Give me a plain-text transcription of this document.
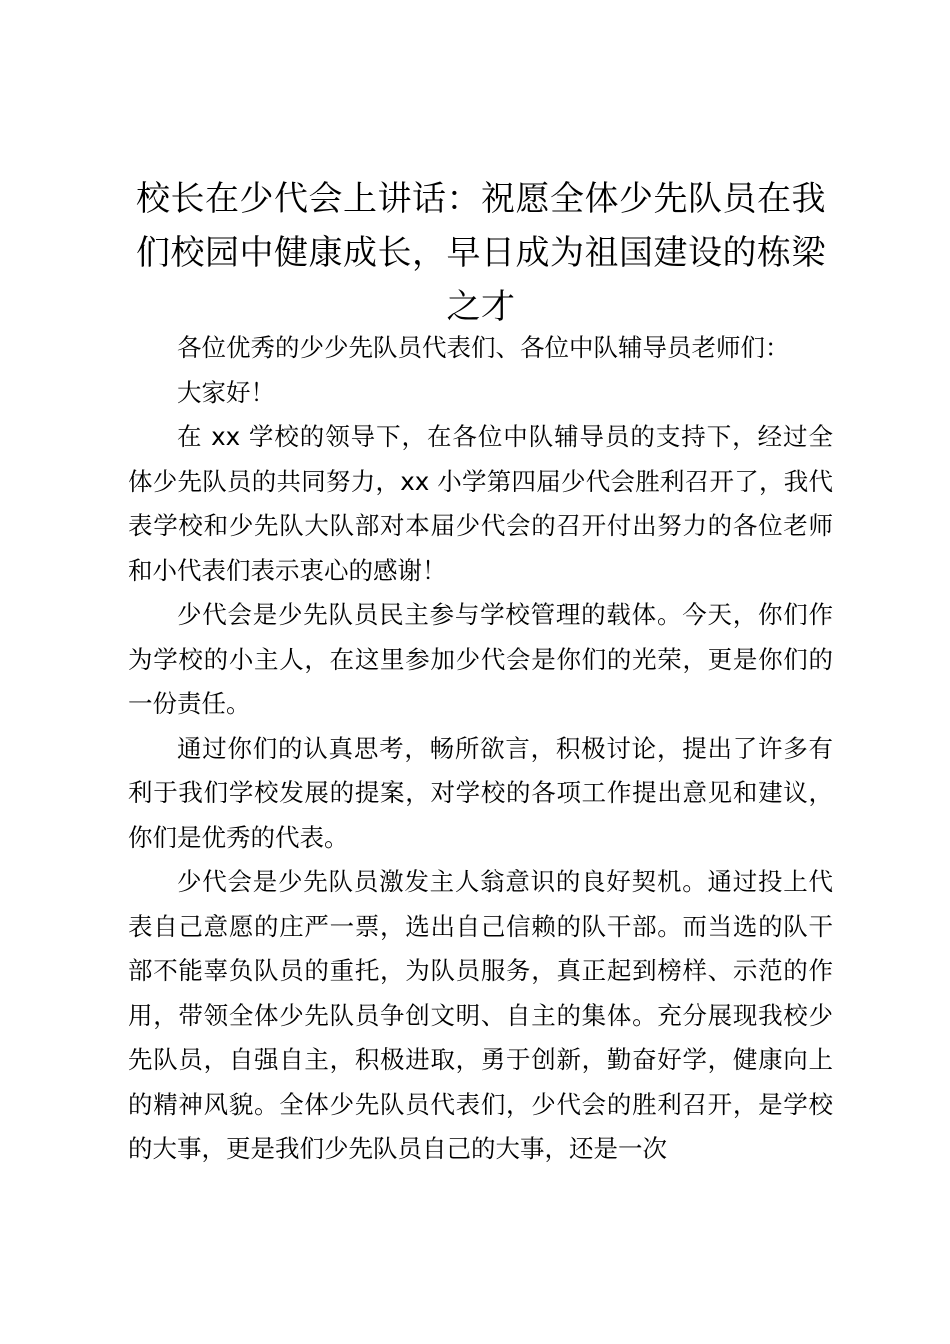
校长在少代会上讲话：祝愿全体少先队员在我们校园中健康成长，早日成为祖国建设的栋梁之才

各位优秀的少少先队员代表们、各位中队辅导员老师们：

大家好！

在 xx 学校的领导下，在各位中队辅导员的支持下，经过全体少先队员的共同努力，xx 小学第四届少代会胜利召开了，我代表学校和少先队大队部对本届少代会的召开付出努力的各位老师和小代表们表示衷心的感谢！

少代会是少先队员民主参与学校管理的载体。今天，你们作为学校的小主人，在这里参加少代会是你们的光荣，更是你们的一份责任。

通过你们的认真思考，畅所欲言，积极讨论，提出了许多有利于我们学校发展的提案，对学校的各项工作提出意见和建议，你们是优秀的代表。

少代会是少先队员激发主人翁意识的良好契机。通过投上代表自己意愿的庄严一票，选出自己信赖的队干部。而当选的队干部不能辜负队员的重托，为队员服务，真正起到榜样、示范的作用，带领全体少先队员争创文明、自主的集体。充分展现我校少先队员，自强自主，积极进取，勇于创新，勤奋好学，健康向上的精神风貌。全体少先队员代表们，少代会的胜利召开，是学校的大事，更是我们少先队员自己的大事，还是一次
